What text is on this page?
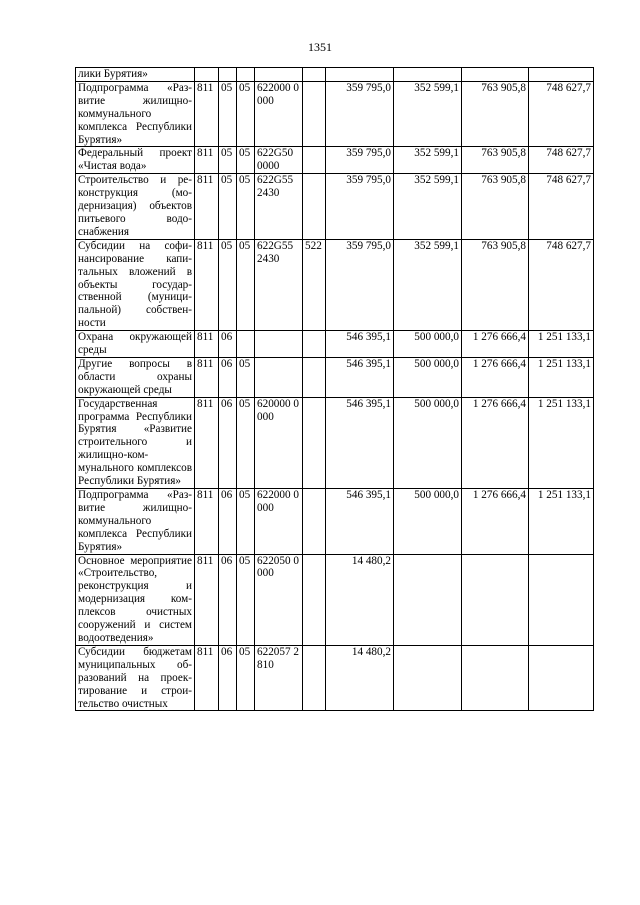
1351
лики Бурятия»									
Подпрограмма «Развитие жилищно-коммунального комплекса Республики Бурятия»	811	05	05	622000 0000		359 795,0	352 599,1	763 905,8	748 627,7
Федеральный проект «Чистая вода»	811	05	05	622G50 0000		359 795,0	352 599,1	763 905,8	748 627,7
Строительство и реконструкция (модернизация) объектов питьевого водоснабжения	811	05	05	622G55 2430		359 795,0	352 599,1	763 905,8	748 627,7
Субсидии на софинансирование капитальных вложений в объекты государственной (муниципальной) собственности	811	05	05	622G55 2430	522	359 795,0	352 599,1	763 905,8	748 627,7
Охрана окружающей среды	811	06				546 395,1	500 000,0	1 276 666,4	1 251 133,1
Другие вопросы в области охраны окружающей среды	811	06	05			546 395,1	500 000,0	1 276 666,4	1 251 133,1
Государственная программа Республики Бурятия «Развитие строительного и жилищно-коммунального комплексов Республики Бурятия»	811	06	05	620000 0000		546 395,1	500 000,0	1 276 666,4	1 251 133,1
Подпрограмма «Развитие жилищно-коммунального комплекса Республики Бурятия»	811	06	05	622000 0000		546 395,1	500 000,0	1 276 666,4	1 251 133,1
Основное мероприятие «Строительство, реконструкция и модернизация комплексов очистных сооружений и систем водоотведения»	811	06	05	622050 0000		14 480,2			
Субсидии бюджетам муниципальных образований на проектирование и строительство очистных	811	06	05	622057 2810		14 480,2			
